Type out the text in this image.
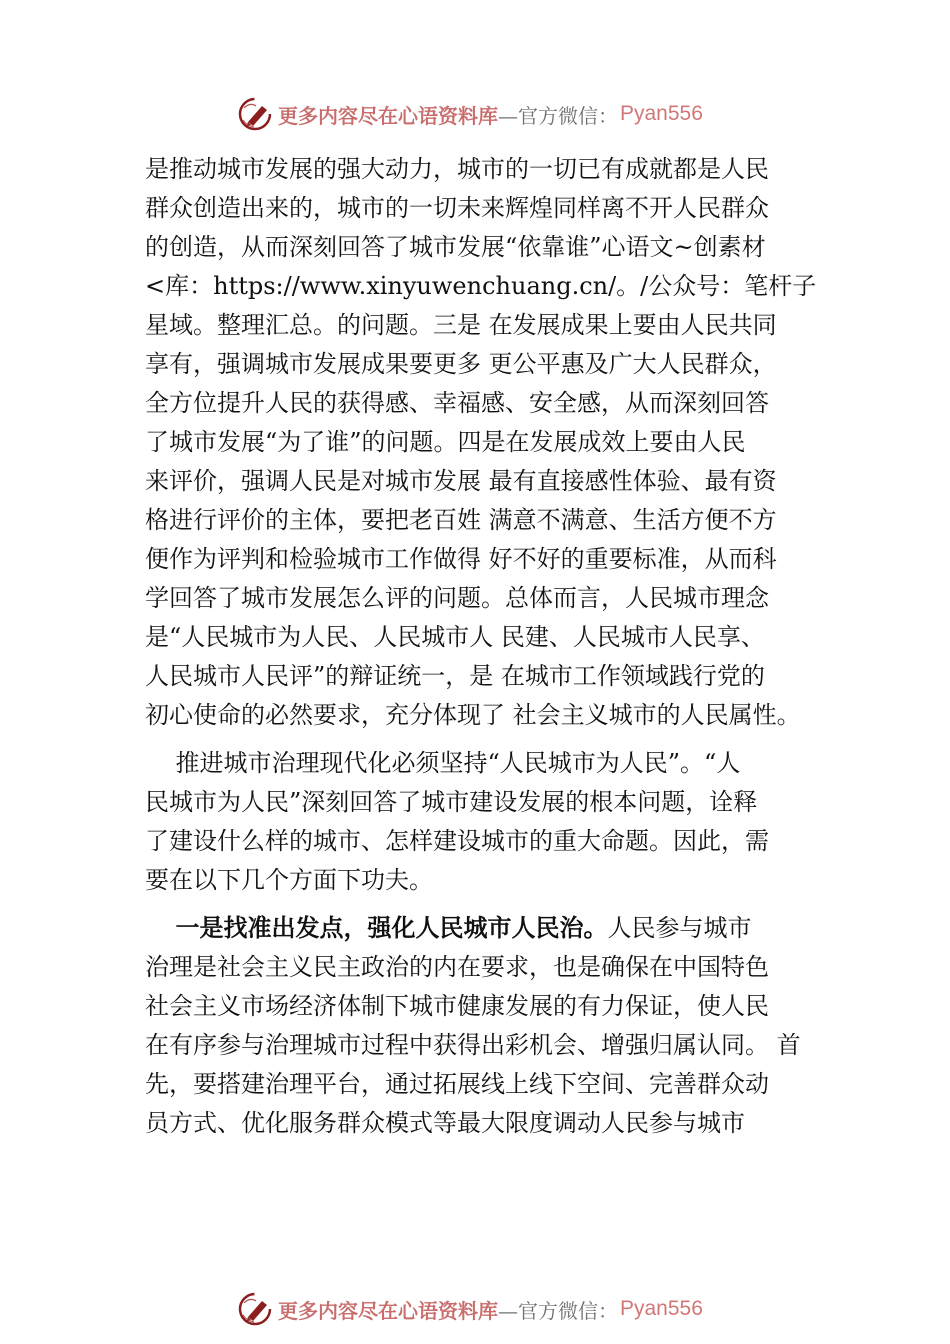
更多内容尽在心语资料库 —官方微信： Pyan556
是推动城市发展的强大动力，城市的一切已有成就都是人民
群众创造出来的，城市的一切未来辉煌同样离不开人民群众
的创造，从而深刻回答了城市发展“依靠谁”心语文~创素材
<库：https://www.xinyuwenchuang.cn/。/公众号：笔杆子
星域。整理汇总。的问题。三是 在发展成果上要由人民共同
享有，强调城市发展成果要更多 更公平惠及广大人民群众，
全方位提升人民的获得感、幸福感、安全感，从而深刻回答
了城市发展“为了谁”的问题。四是在发展成效上要由人民
来评价，强调人民是对城市发展 最有直接感性体验、最有资
格进行评价的主体，要把老百姓 满意不满意、生活方便不方
便作为评判和检验城市工作做得 好不好的重要标准，从而科
学回答了城市发展怎么评的问题。总体而言，人民城市理念
是“人民城市为人民、人民城市人 民建、人民城市人民享、
人民城市人民评”的辩证统一，是 在城市工作领域践行党的
初心使命的必然要求，充分体现了 社会主义城市的人民属性。
推进城市治理现代化必须坚持“人民城市为人民”。“人
民城市为人民”深刻回答了城市建设发展的根本问题，诠释
了建设什么样的城市、怎样建设城市的重大命题。因此，需
要在以下几个方面下功夫。
一是找准出发点，强化人民城市人民治。人民参与城市
治理是社会主义民主政治的内在要求，也是确保在中国特色
社会主义市场经济体制下城市健康发展的有力保证，使人民
在有序参与治理城市过程中获得出彩机会、增强归属认同。 首
先，要搭建治理平台，通过拓展线上线下空间、完善群众动
员方式、优化服务群众模式等最大限度调动人民参与城市
更多内容尽在心语资料库 —官方微信： Pyan556
